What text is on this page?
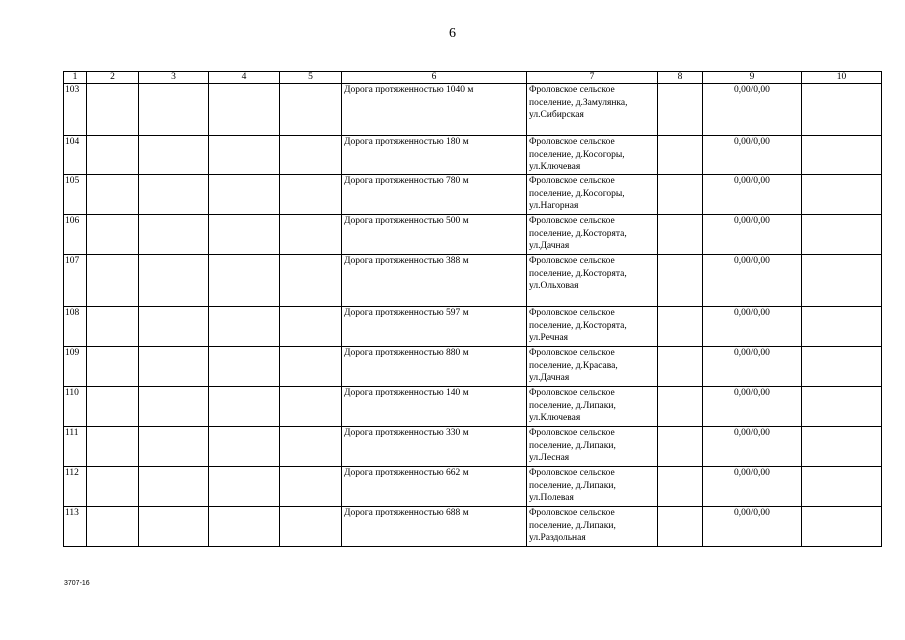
6
1	2	3	4	5	6	7	8	9	10
103					Дорога протяженностью 1040 м	Фроловское сельское поселение, д.Замулянка, ул.Сибирская		0,00/0,00	
104					Дорога протяженностью 180 м	Фроловское сельское поселение, д.Косогоры, ул.Ключевая		0,00/0,00	
105					Дорога протяженностью 780 м	Фроловское сельское поселение, д.Косогоры, ул.Нагорная		0,00/0,00	
106					Дорога протяженностью 500 м	Фроловское сельское поселение, д.Косторята, ул.Дачная		0,00/0,00	
107					Дорога протяженностью 388 м	Фроловское сельское поселение, д.Косторята, ул.Ольховая		0,00/0,00	
108					Дорога протяженностью 597 м	Фроловское сельское поселение, д.Косторята, ул.Речная		0,00/0,00	
109					Дорога протяженностью 880 м	Фроловское сельское поселение, д.Красава, ул.Дачная		0,00/0,00	
110					Дорога протяженностью 140 м	Фроловское сельское поселение, д.Липаки, ул.Ключевая		0,00/0,00	
111					Дорога протяженностью 330 м	Фроловское сельское поселение, д.Липаки, ул.Лесная		0,00/0,00	
112					Дорога протяженностью 662 м	Фроловское сельское поселение, д.Липаки, ул.Полевая		0,00/0,00	
113					Дорога протяженностью 688 м	Фроловское сельское поселение, д.Липаки, ул.Раздольная		0,00/0,00	
3707-16
